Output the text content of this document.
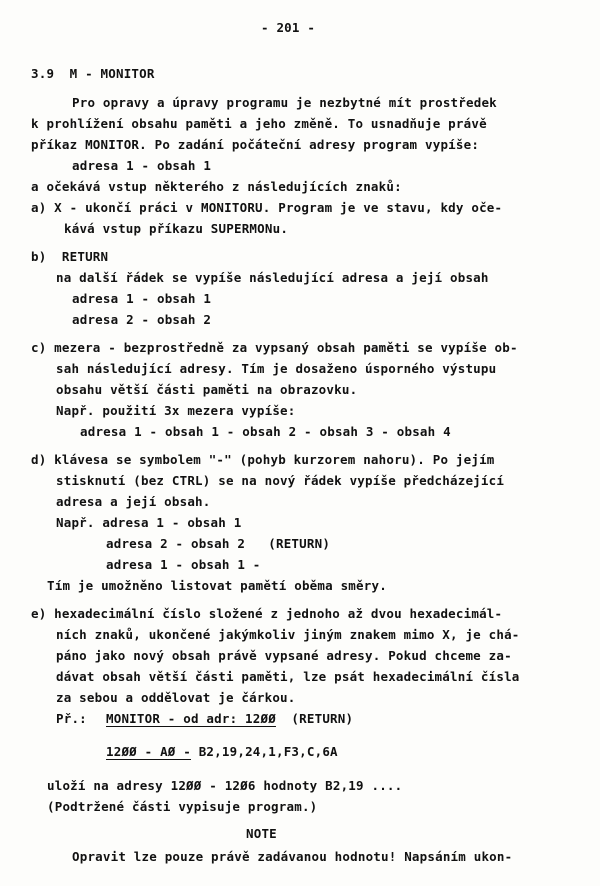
- 201 -
3.9  M - MONITOR
Pro opravy a úpravy programu je nezbytné mít prostředek
k prohlížení obsahu paměti a jeho změně. To usnadňuje právě
příkaz MONITOR. Po zadání počáteční adresy program vypíše:
adresa 1 - obsah 1
a očekává vstup některého z následujících znaků:
a) X - ukončí práci v MONITORU. Program je ve stavu, kdy oče-
kává vstup příkazu SUPERMONu.
b)  RETURN
na další řádek se vypíše následující adresa a její obsah
adresa 1 - obsah 1
adresa 2 - obsah 2
c) mezera - bezprostředně za vypsaný obsah paměti se vypíše ob-
sah následující adresy. Tím je dosaženo úsporného výstupu
obsahu větší části paměti na obrazovku.
Např. použití 3x mezera vypíše:
adresa 1 - obsah 1 - obsah 2 - obsah 3 - obsah 4
d) klávesa se symbolem "-" (pohyb kurzorem nahoru). Po jejím
stisknutí (bez CTRL) se na nový řádek vypíše předcházející
adresa a její obsah.
Např. adresa 1 - obsah 1
adresa 2 - obsah 2   (RETURN)
adresa 1 - obsah 1 -
Tím je umožněno listovat pamětí oběma směry.
e) hexadecimální číslo složené z jednoho až dvou hexadecimál-
ních znaků, ukončené jakýmkoliv jiným znakem mimo X, je chá-
páno jako nový obsah právě vypsané adresy. Pokud chceme za-
dávat obsah větší části paměti, lze psát hexadecimální čísla
za sebou a oddělovat je čárkou.
Př.: MONITOR - od adr: 12ØØ  (RETURN)
12ØØ - AØ - B2,19,24,1,F3,C,6A
uloží na adresy 12ØØ - 12Ø6 hodnoty B2,19 ....
(Podtržené části vypisuje program.)
NOTE
Opravit lze pouze právě zadávanou hodnotu! Napsáním ukon-
